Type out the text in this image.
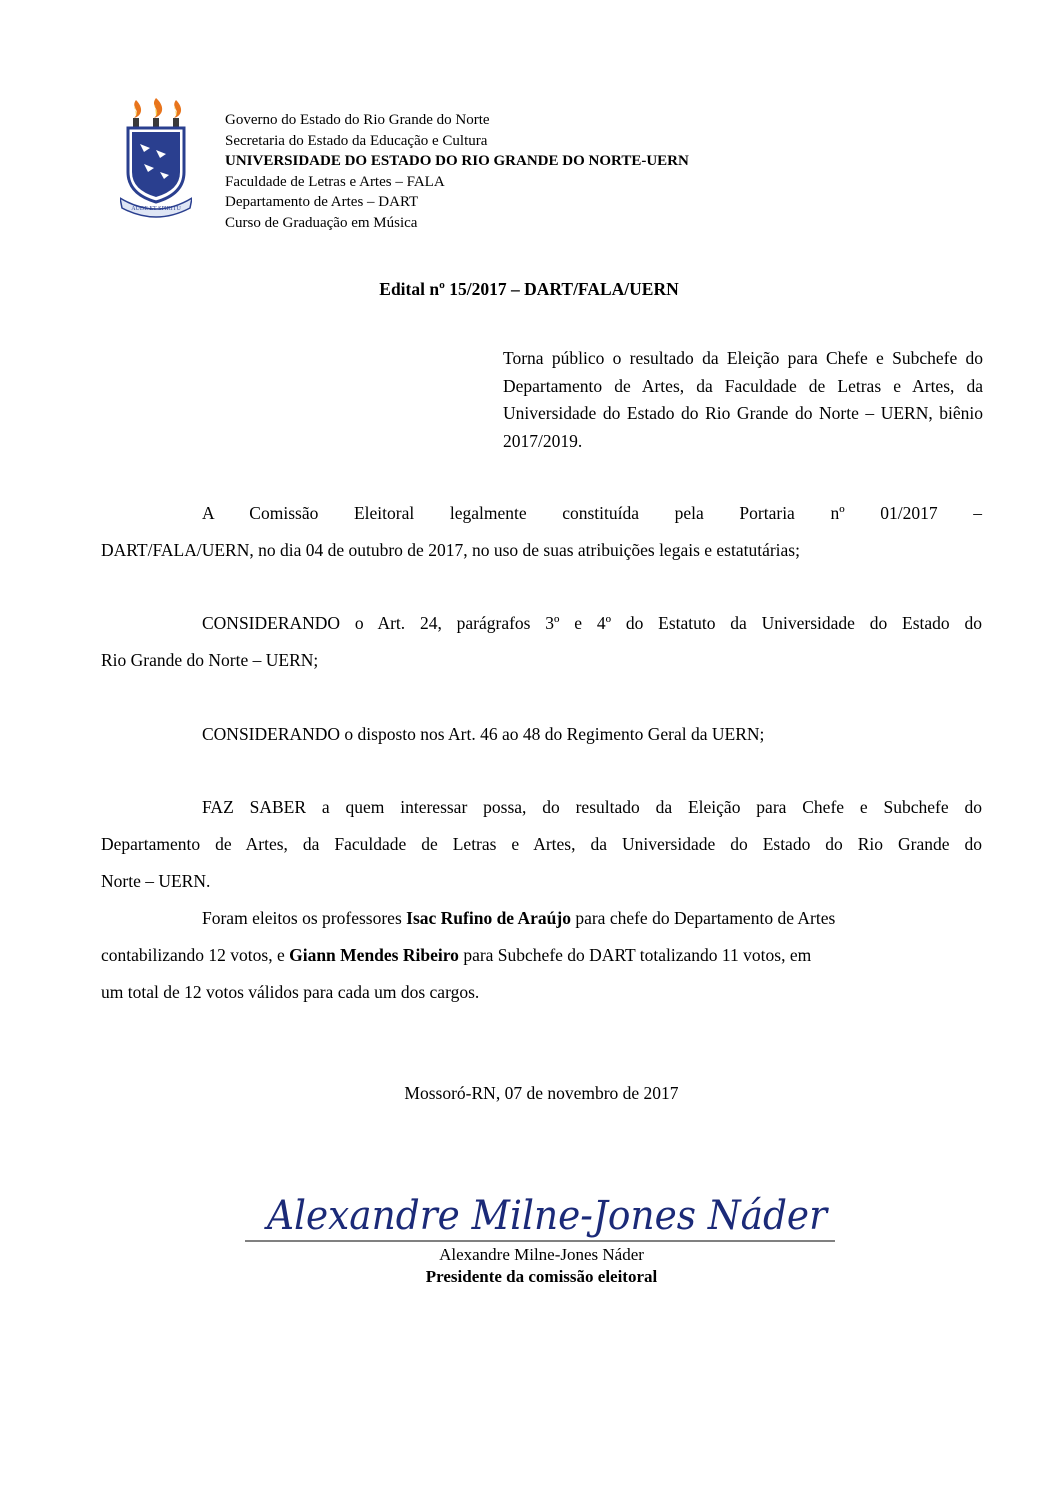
AUDE ET SPIRITU
Governo do Estado do Rio Grande do Norte
Secretaria do Estado da Educação e Cultura
UNIVERSIDADE DO ESTADO DO RIO GRANDE DO NORTE-UERN
Faculdade de Letras e Artes – FALA
Departamento de Artes – DART
Curso de Graduação em Música
Edital nº 15/2017 – DART/FALA/UERN
Torna público o resultado da Eleição para Chefe e Subchefe do Departamento de Artes, da Faculdade de Letras e Artes, da Universidade do Estado do Rio Grande do Norte – UERN, biênio 2017/2019.
A Comissão Eleitoral legalmente constituída pela Portaria nº 01/2017 –
DART/FALA/UERN, no dia 04 de outubro de 2017, no uso de suas atribuições legais e estatutárias;
CONSIDERANDO o Art. 24, parágrafos 3º e 4º do Estatuto da Universidade do Estado do
Rio Grande do Norte – UERN;
CONSIDERANDO o disposto nos Art. 46 ao 48 do Regimento Geral da UERN;
FAZ SABER a quem interessar possa, do resultado da Eleição para Chefe e Subchefe do
Departamento de Artes, da Faculdade de Letras e Artes, da Universidade do Estado do Rio Grande do
Norte – UERN.
Foram eleitos os professores Isac Rufino de Araújo para chefe do Departamento de Artes
contabilizando 12 votos, e Giann Mendes Ribeiro para Subchefe do DART totalizando 11 votos, em
um total de 12 votos válidos para cada um dos cargos.
Mossoró-RN, 07 de novembro de 2017
Alexandre Milne-Jones Náder
Alexandre Milne-Jones Náder
Presidente da comissão eleitoral
